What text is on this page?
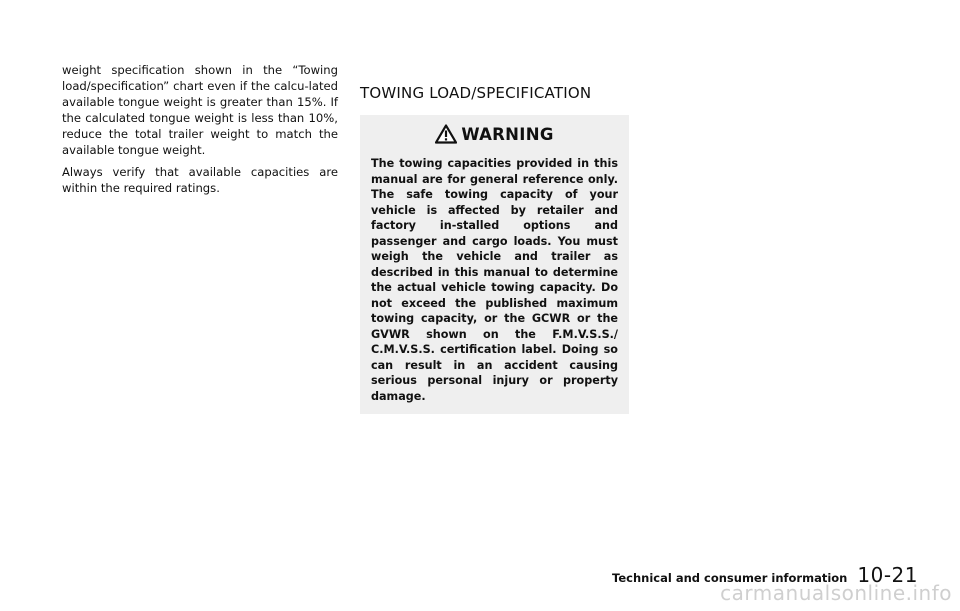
weight specification shown in the “Towing load/specification” chart even if the calcu-lated available tongue weight is greater than 15%. If the calculated tongue weight is less than 10%, reduce the total trailer weight to match the available tongue weight.

Always verify that available capacities are within the required ratings.

TOWING LOAD/SPECIFICATION
WARNING

The towing capacities provided in this manual are for general reference only. The safe towing capacity of your vehicle is affected by retailer and factory in-stalled options and passenger and cargo loads. You must weigh the vehicle and trailer as described in this manual to determine the actual vehicle towing capacity. Do not exceed the published maximum towing capacity, or the GCWR or the GVWR shown on the F.M.V.S.S./ C.M.V.S.S. certification label. Doing so can result in an accident causing serious personal injury or property damage.

Technical and consumer information 10-21
carmanualsonline.info
